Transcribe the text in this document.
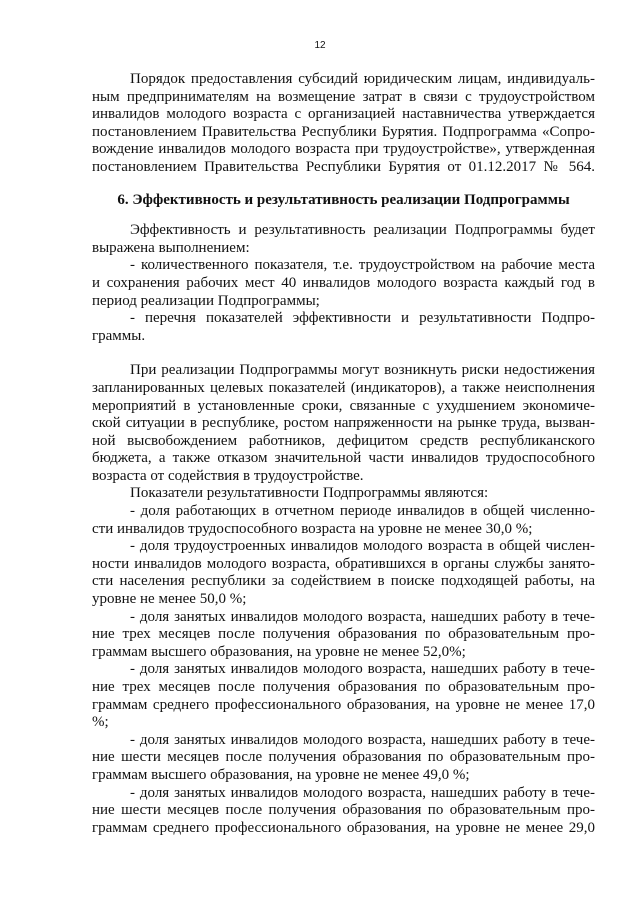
12

Порядок предоставления субсидий юридическим лицам, индивидуаль-

ным предпринимателям на возмещение затрат в связи с трудоустройством

инвалидов молодого возраста с организацией наставничества утверждается

постановлением Правительства Республики Бурятия. Подпрограмма «Сопро-

вождение инвалидов молодого возраста при трудоустройстве», утвержденная

постановлением Правительства Республики Бурятия от 01.12.2017 № 564.

6. Эффективность и результативность реализации Подпрограммы

Эффективность и результативность реализации Подпрограммы будет

выражена выполнением:

- количественного показателя, т.е. трудоустройством на рабочие места

и сохранения рабочих мест 40 инвалидов молодого возраста каждый год в

период реализации Подпрограммы;

- перечня показателей эффективности и результативности Подпро-

граммы.

При реализации Подпрограммы могут возникнуть риски недостижения

запланированных целевых показателей (индикаторов), а также неисполнения

мероприятий в установленные сроки, связанные с ухудшением экономиче-

ской ситуации в республике, ростом напряженности на рынке труда, вызван-

ной высвобождением работников, дефицитом средств республиканского

бюджета, а также отказом значительной части инвалидов трудоспособного

возраста от содействия в трудоустройстве.

Показатели результативности Подпрограммы являются:

- доля работающих в отчетном периоде инвалидов в общей численно-

сти инвалидов трудоспособного возраста на уровне не менее 30,0 %;

- доля трудоустроенных инвалидов молодого возраста в общей числен-

ности инвалидов молодого возраста, обратившихся в органы службы занято-

сти населения республики за содействием в поиске подходящей работы, на

уровне не менее 50,0 %;

- доля занятых инвалидов молодого возраста, нашедших работу в тече-

ние трех месяцев после получения образования по образовательным про-

граммам высшего образования, на уровне не менее 52,0%;

- доля занятых инвалидов молодого возраста, нашедших работу в тече-

ние трех месяцев после получения образования по образовательным про-

граммам среднего профессионального образования, на уровне не менее 17,0

%;

- доля занятых инвалидов молодого возраста, нашедших работу в тече-

ние шести месяцев после получения образования по образовательным про-

граммам высшего образования, на уровне не менее 49,0 %;

- доля занятых инвалидов молодого возраста, нашедших работу в тече-

ние шести месяцев после получения образования по образовательным про-

граммам среднего профессионального образования, на уровне не менее 29,0
